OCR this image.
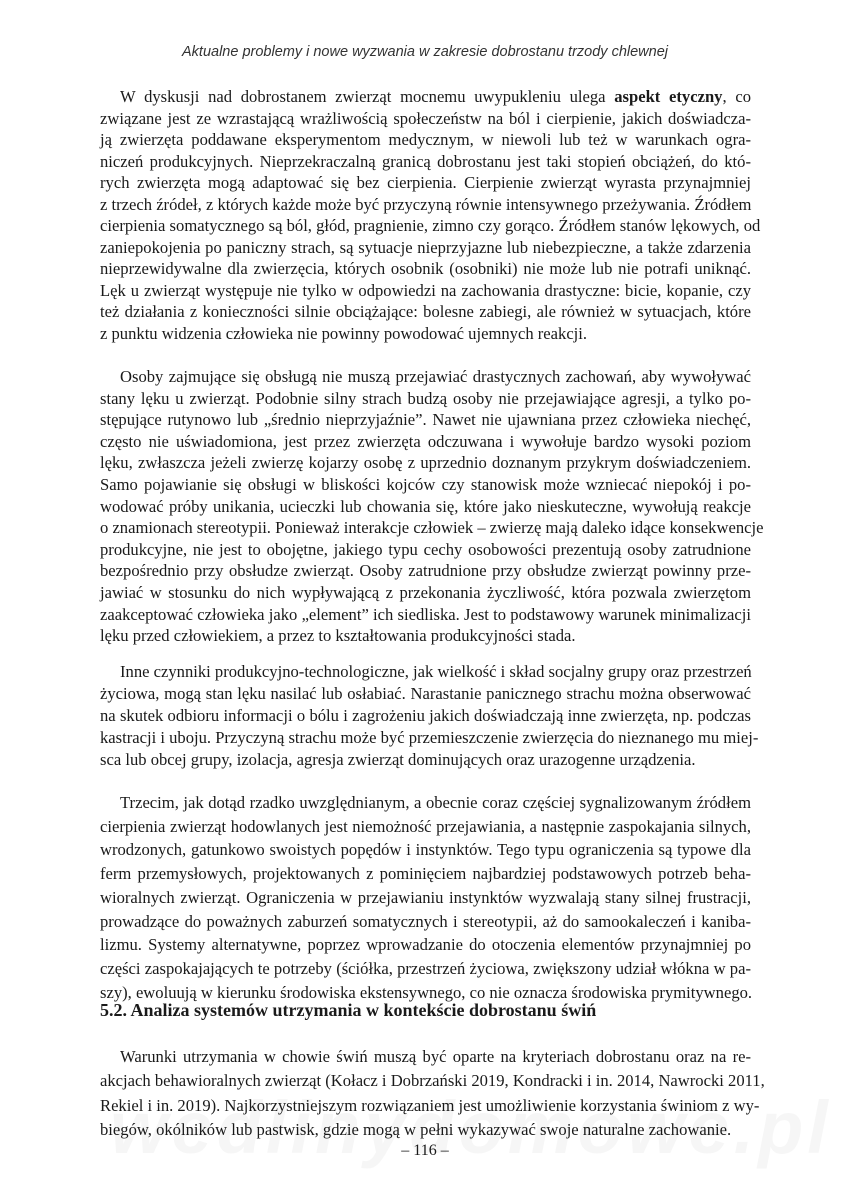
Aktualne problemy i nowe wyzwania w zakresie dobrostanu trzody chlewnej
W dyskusji nad dobrostanem zwierząt mocnemu uwypukleniu ulega aspekt etyczny, co
związane jest ze wzrastającą wrażliwością społeczeństw na ból i cierpienie, jakich doświadcza-
ją zwierzęta poddawane eksperymentom medycznym, w niewoli lub też w warunkach ogra-
niczeń produkcyjnych. Nieprzekraczalną granicą dobrostanu jest taki stopień obciążeń, do któ-
rych zwierzęta mogą adaptować się bez cierpienia. Cierpienie zwierząt wyrasta przynajmniej
z trzech źródeł, z których każde może być przyczyną równie intensywnego przeżywania. Źródłem
cierpienia somatycznego są ból, głód, pragnienie, zimno czy gorąco. Źródłem stanów lękowych, od
zaniepokojenia po paniczny strach, są sytuacje nieprzyjazne lub niebezpieczne, a także zdarzenia
nieprzewidywalne dla zwierzęcia, których osobnik (osobniki) nie może lub nie potrafi uniknąć.
Lęk u zwierząt występuje nie tylko w odpowiedzi na zachowania drastyczne: bicie, kopanie, czy
też działania z konieczności silnie obciążające: bolesne zabiegi, ale również w sytuacjach, które
z punktu widzenia człowieka nie powinny powodować ujemnych reakcji.
Osoby zajmujące się obsługą nie muszą przejawiać drastycznych zachowań, aby wywoływać
stany lęku u zwierząt. Podobnie silny strach budzą osoby nie przejawiające agresji, a tylko po-
stępujące rutynowo lub „średnio nieprzyjaźnie”. Nawet nie ujawniana przez człowieka niechęć,
często nie uświadomiona, jest przez zwierzęta odczuwana i wywołuje bardzo wysoki poziom
lęku, zwłaszcza jeżeli zwierzę kojarzy osobę z uprzednio doznanym przykrym doświadczeniem.
Samo pojawianie się obsługi w bliskości kojców czy stanowisk może wzniecać niepokój i po-
wodować próby unikania, ucieczki lub chowania się, które jako nieskuteczne, wywołują reakcje
o znamionach stereotypii. Ponieważ interakcje człowiek – zwierzę mają daleko idące konsekwencje
produkcyjne, nie jest to obojętne, jakiego typu cechy osobowości prezentują osoby zatrudnione
bezpośrednio przy obsłudze zwierząt. Osoby zatrudnione przy obsłudze zwierząt powinny prze-
jawiać w stosunku do nich wypływającą z przekonania życzliwość, która pozwala zwierzętom
zaakceptować człowieka jako „element” ich siedliska. Jest to podstawowy warunek minimalizacji
lęku przed człowiekiem, a przez to kształtowania produkcyjności stada.
Inne czynniki produkcyjno-technologiczne, jak wielkość i skład socjalny grupy oraz przestrzeń
życiowa, mogą stan lęku nasilać lub osłabiać. Narastanie panicznego strachu można obserwować
na skutek odbioru informacji o bólu i zagrożeniu jakich doświadczają inne zwierzęta, np. podczas
kastracji i uboju. Przyczyną strachu może być przemieszczenie zwierzęcia do nieznanego mu miej-
sca lub obcej grupy, izolacja, agresja zwierząt dominujących oraz urazogenne urządzenia.
Trzecim, jak dotąd rzadko uwzględnianym, a obecnie coraz częściej sygnalizowanym źródłem
cierpienia zwierząt hodowlanych jest niemożność przejawiania, a następnie zaspokajania silnych,
wrodzonych, gatunkowo swoistych popędów i instynktów. Tego typu ograniczenia są typowe dla
ferm przemysłowych, projektowanych z pominięciem najbardziej podstawowych potrzeb beha-
wioralnych zwierząt. Ograniczenia w przejawianiu instynktów wyzwalają stany silnej frustracji,
prowadzące do poważnych zaburzeń somatycznych i stereotypii, aż do samookaleczeń i kaniba-
lizmu. Systemy alternatywne, poprzez wprowadzanie do otoczenia elementów przynajmniej po
części zaspokajających te potrzeby (ściółka, przestrzeń życiowa, zwiększony udział włókna w pa-
szy), ewoluują w kierunku środowiska ekstensywnego, co nie oznacza środowiska prymitywnego.
5.2. Analiza systemów utrzymania w kontekście dobrostanu świń
Warunki utrzymania w chowie świń muszą być oparte na kryteriach dobrostanu oraz na re-
akcjach behawioralnych zwierząt (Kołacz i Dobrzański 2019, Kondracki i in. 2014, Nawrocki 2011,
Rekiel i in. 2019). Najkorzystniejszym rozwiązaniem jest umożliwienie korzystania świniom z wy-
biegów, okólników lub pastwisk, gdzie mogą w pełni wykazywać swoje naturalne zachowanie.
– 116 –
